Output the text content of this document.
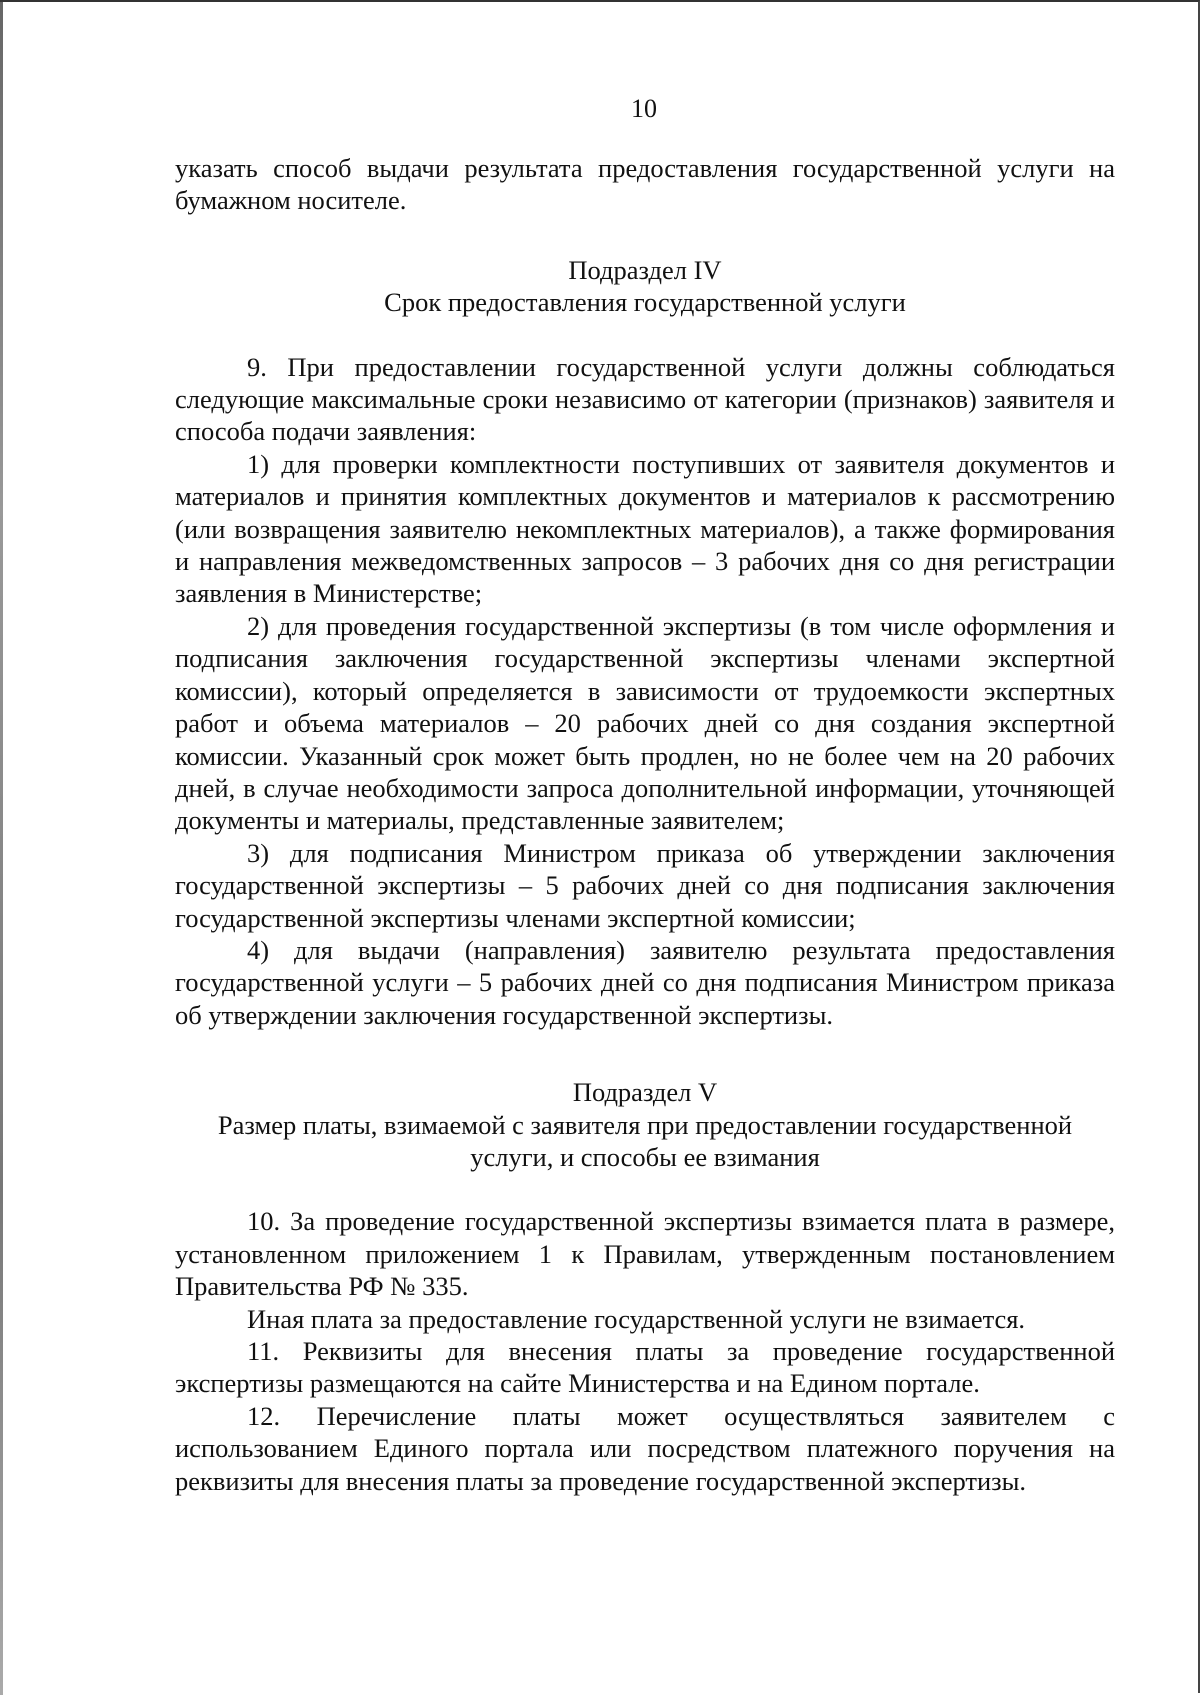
10

указать способ выдачи результата предоставления государственной услуги на бумажном носителе.

Подраздел IV

Срок предоставления государственной услуги

9. При предоставлении государственной услуги должны соблюдаться следующие максимальные сроки независимо от категории (признаков) заявителя и способа подачи заявления:

1) для проверки комплектности поступивших от заявителя документов и материалов и принятия комплектных документов и материалов к рассмотрению (или возвращения заявителю некомплектных материалов), а также формирования и направления межведомственных запросов – 3 рабочих дня со дня регистрации заявления в Министерстве;

2) для проведения государственной экспертизы (в том числе оформления и подписания заключения государственной экспертизы членами экспертной комиссии), который определяется в зависимости от трудоемкости экспертных работ и объема материалов – 20 рабочих дней со дня создания экспертной комиссии. Указанный срок может быть продлен, но не более чем на 20 рабочих дней, в случае необходимости запроса дополнительной информации, уточняющей документы и материалы, представленные заявителем;

3) для подписания Министром приказа об утверждении заключения государственной экспертизы – 5 рабочих дней со дня подписания заключения государственной экспертизы членами экспертной комиссии;

4) для выдачи (направления) заявителю результата предоставления государственной услуги – 5 рабочих дней со дня подписания Министром приказа об утверждении заключения государственной экспертизы.

Подраздел V

Размер платы, взимаемой с заявителя при предоставлении государственной

услуги, и способы ее взимания

10. За проведение государственной экспертизы взимается плата в размере, установленном приложением 1 к Правилам, утвержденным постановлением Правительства РФ № 335.

Иная плата за предоставление государственной услуги не взимается.

11. Реквизиты для внесения платы за проведение государственной экспертизы размещаются на сайте Министерства и на Едином портале.

12. Перечисление платы может осуществляться заявителем с использованием Единого портала или посредством платежного поручения на реквизиты для внесения платы за проведение государственной экспертизы.
